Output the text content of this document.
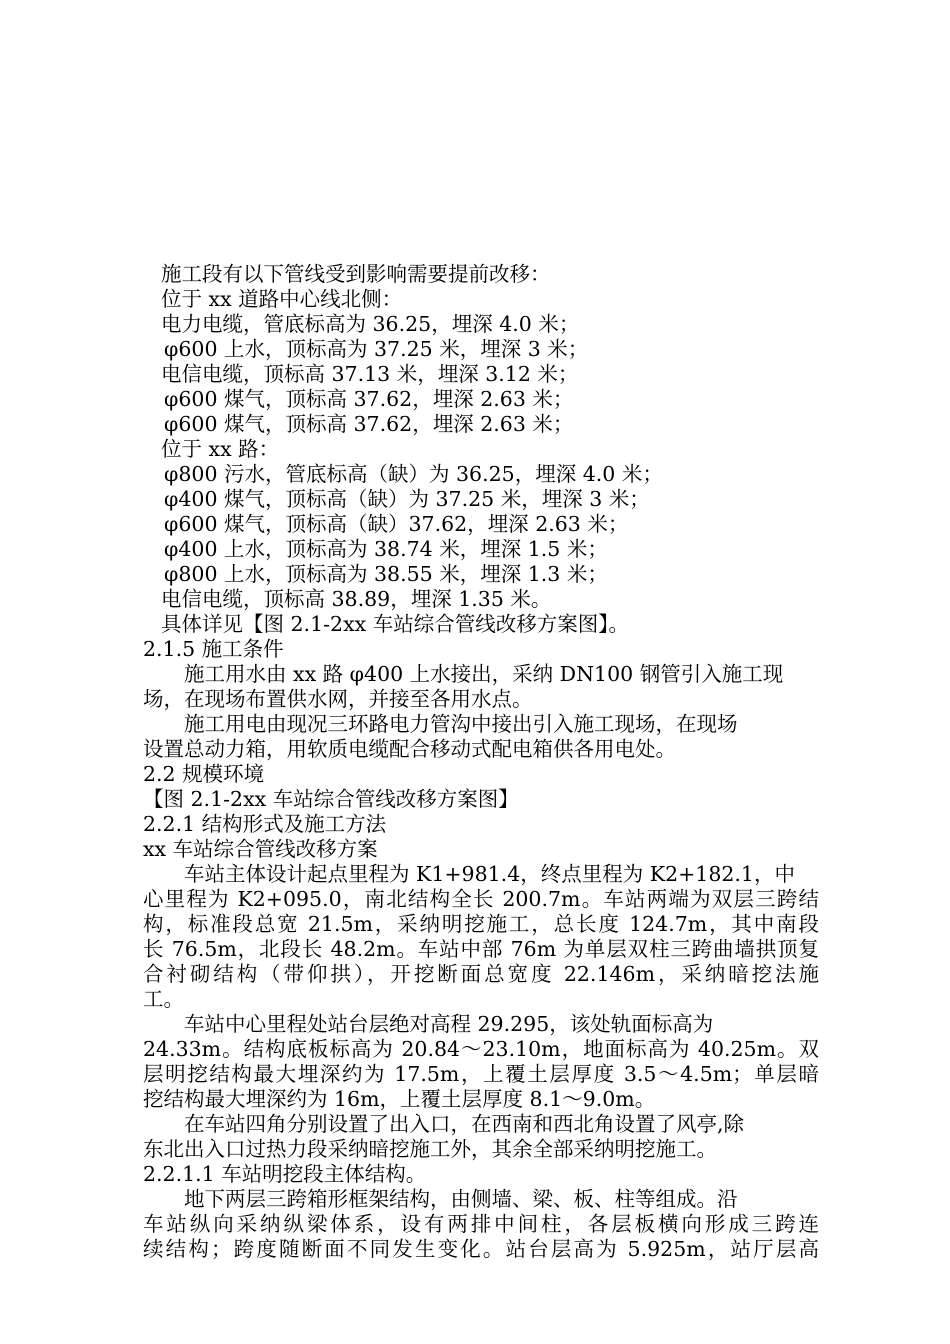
施工段有以下管线受到影响需要提前改移：
位于 xx 道路中心线北侧：
电力电缆，管底标高为 36.25，埋深 4.0 米；
φ600 上水，顶标高为 37.25 米，埋深 3 米；
电信电缆，顶标高 37.13 米，埋深 3.12 米；
φ600 煤气，顶标高 37.62，埋深 2.63 米；
φ600 煤气，顶标高 37.62，埋深 2.63 米；
位于 xx 路：
φ800 污水，管底标高（缺）为 36.25，埋深 4.0 米；
φ400 煤气，顶标高（缺）为 37.25 米，埋深 3 米；
φ600 煤气，顶标高（缺）37.62，埋深 2.63 米；
φ400 上水，顶标高为 38.74 米，埋深 1.5 米；
φ800 上水，顶标高为 38.55 米，埋深 1.3 米；
电信电缆，顶标高 38.89，埋深 1.35 米。
具体详见【图 2.1-2xx 车站综合管线改移方案图】。
2.1.5 施工条件
施工用水由 xx 路 φ400 上水接出，采纳 DN100 钢管引入施工现
场，在现场布置供水网，并接至各用水点。
施工用电由现况三环路电力管沟中接出引入施工现场，在现场
设置总动力箱，用软质电缆配合移动式配电箱供各用电处。
2.2 规模环境
【图 2.1-2xx 车站综合管线改移方案图】
2.2.1 结构形式及施工方法
xx 车站综合管线改移方案
车站主体设计起点里程为 K1+981.4，终点里程为 K2+182.1，中
心里程为 K2+095.0，南北结构全长 200.7m。车站两端为双层三跨结
构，标准段总宽 21.5m，采纳明挖施工，总长度 124.7m，其中南段
长 76.5m，北段长 48.2m。车站中部 76m 为单层双柱三跨曲墙拱顶复
合衬砌结构（带仰拱），开挖断面总宽度 22.146m，采纳暗挖法施
工。
车站中心里程处站台层绝对高程 29.295，该处轨面标高为
24.33m。结构底板标高为 20.84～23.10m，地面标高为 40.25m。双
层明挖结构最大埋深约为 17.5m，上覆土层厚度 3.5～4.5m；单层暗
挖结构最大埋深约为 16m，上覆土层厚度 8.1～9.0m。
在车站四角分别设置了出入口，在西南和西北角设置了风亭,除
东北出入口过热力段采纳暗挖施工外，其余全部采纳明挖施工。
2.2.1.1 车站明挖段主体结构。
地下两层三跨箱形框架结构，由侧墙、梁、板、柱等组成。沿
车站纵向采纳纵梁体系，设有两排中间柱，各层板横向形成三跨连
续结构；跨度随断面不同发生变化。站台层高为 5.925m，站厅层高
